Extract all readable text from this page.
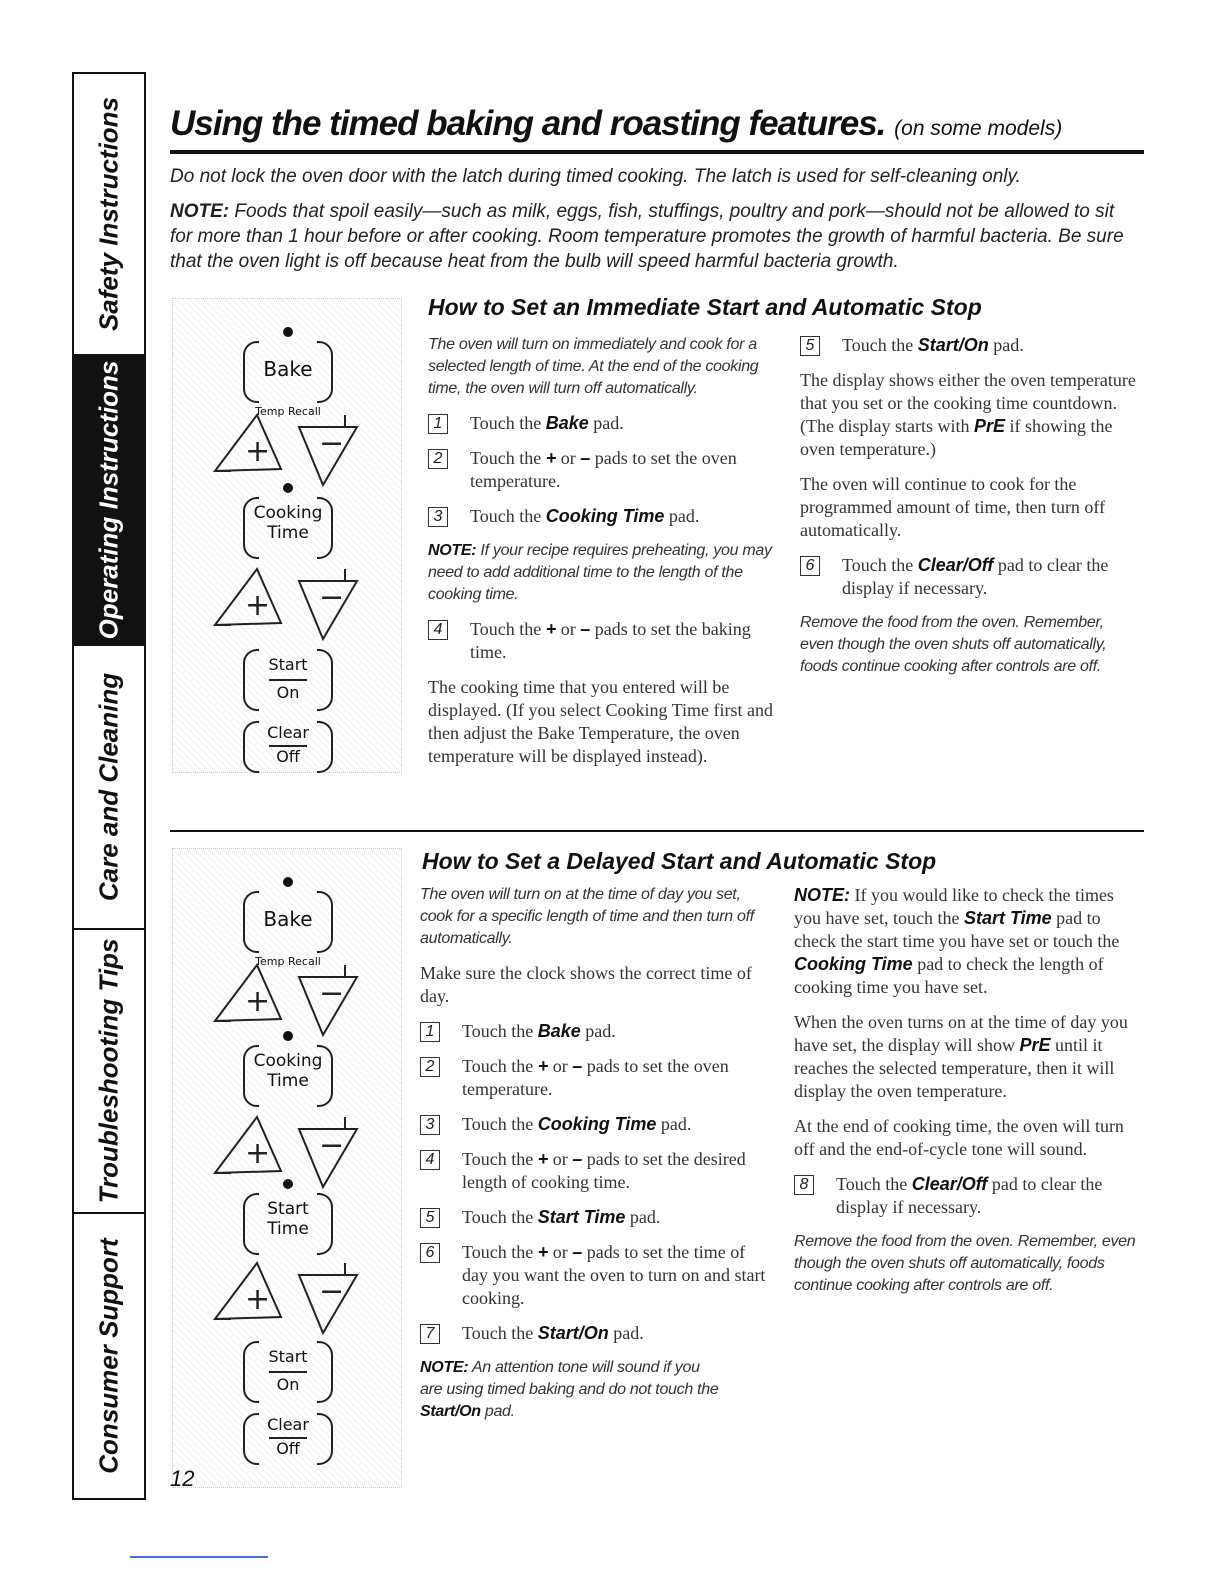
Safety Instructions
Operating Instructions
Care and Cleaning
Troubleshooting Tips
Consumer Support
Using the timed baking and roasting features. (on some models)

Do not lock the oven door with the latch during timed cooking. The latch is used for self-cleaning only.

NOTE: Foods that spoil easily—such as milk, eggs, fish, stuffings, poultry and pork—should not be allowed to sit for more than 1 hour before or after cooking. Room temperature promotes the growth of harmful bacteria. Be sure that the oven light is off because heat from the bulb will speed harmful bacteria growth.

Bake
Temp Recall
+ −
Cooking
Time
+ −
Start
On
Clear
Off
How to Set an Immediate Start and Automatic Stop

The oven will turn on immediately and cook for a selected length of time. At the end of the cooking time, the oven will turn off automatically.

1	Touch the Bake pad.
2	Touch the + or – pads to set the oven temperature.
3	Touch the Cooking Time pad.

NOTE: If your recipe requires preheating, you may need to add additional time to the length of the cooking time.

4	Touch the + or – pads to set the baking time.

The cooking time that you entered will be displayed. (If you select Cooking Time first and then adjust the Bake Temperature, the oven temperature will be displayed instead).

5	Touch the Start/On pad.

The display shows either the oven temperature that you set or the cooking time countdown. (The display starts with PrE if showing the oven temperature.)

The oven will continue to cook for the programmed amount of time, then turn off automatically.

6	Touch the Clear/Off pad to clear the display if necessary.

Remove the food from the oven. Remember, even though the oven shuts off automatically, foods continue cooking after controls are off.

Bake
Temp Recall
+ −
Cooking
Time
+ −
Start
Time
+ −
Start
On
Clear
Off
How to Set a Delayed Start and Automatic Stop

The oven will turn on at the time of day you set, cook for a specific length of time and then turn off automatically.

Make sure the clock shows the correct time of day.

1	Touch the Bake pad.
2	Touch the + or – pads to set the oven temperature.
3	Touch the Cooking Time pad.
4	Touch the + or – pads to set the desired length of cooking time.
5	Touch the Start Time pad.
6	Touch the + or – pads to set the time of day you want the oven to turn on and start cooking.
7	Touch the Start/On pad.

NOTE: An attention tone will sound if you are using timed baking and do not touch the Start/On pad.

NOTE: If you would like to check the times you have set, touch the Start Time pad to check the start time you have set or touch the Cooking Time pad to check the length of cooking time you have set.

When the oven turns on at the time of day you have set, the display will show PrE until it reaches the selected temperature, then it will display the oven temperature.

At the end of cooking time, the oven will turn off and the end-of-cycle tone will sound.

8	Touch the Clear/Off pad to clear the display if necessary.

Remove the food from the oven. Remember, even though the oven shuts off automatically, foods continue cooking after controls are off.

12
